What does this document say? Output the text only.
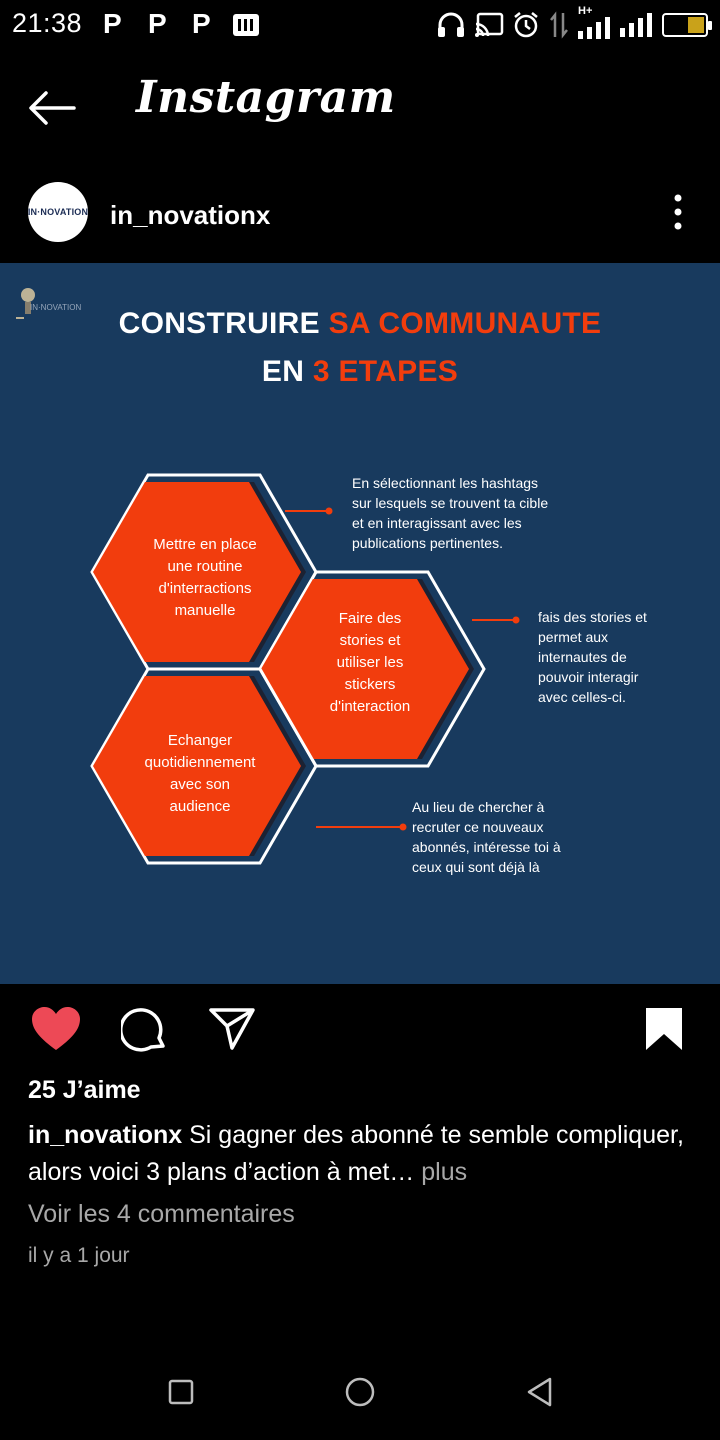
21:38 P P P	H+
Instagram
IN·NOVATION in_novationx
IN·NOVATION	CONSTRUIRE SA COMMUNAUTE
EN 3 ETAPES
Mettre en place
une routine
d'interractions
manuelle	Faire des
stories et
utiliser les
stickers
d'interaction
Echanger
quotidiennement
avec son
audience
En sélectionnant les hashtags
sur lesquels se trouvent ta cible
et en interagissant avec les
publications pertinentes.
fais des stories et
permet aux
internautes de
pouvoir interagir
avec celles-ci.
Au lieu de chercher à
recruter ce nouveaux
abonnés, intéresse toi à
ceux qui sont déjà là
25 J’aime
in_novationx Si gagner des abonné te semble compliquer, alors voici 3 plans d’action à met… plus
Voir les 4 commentaires
il y a 1 jour
